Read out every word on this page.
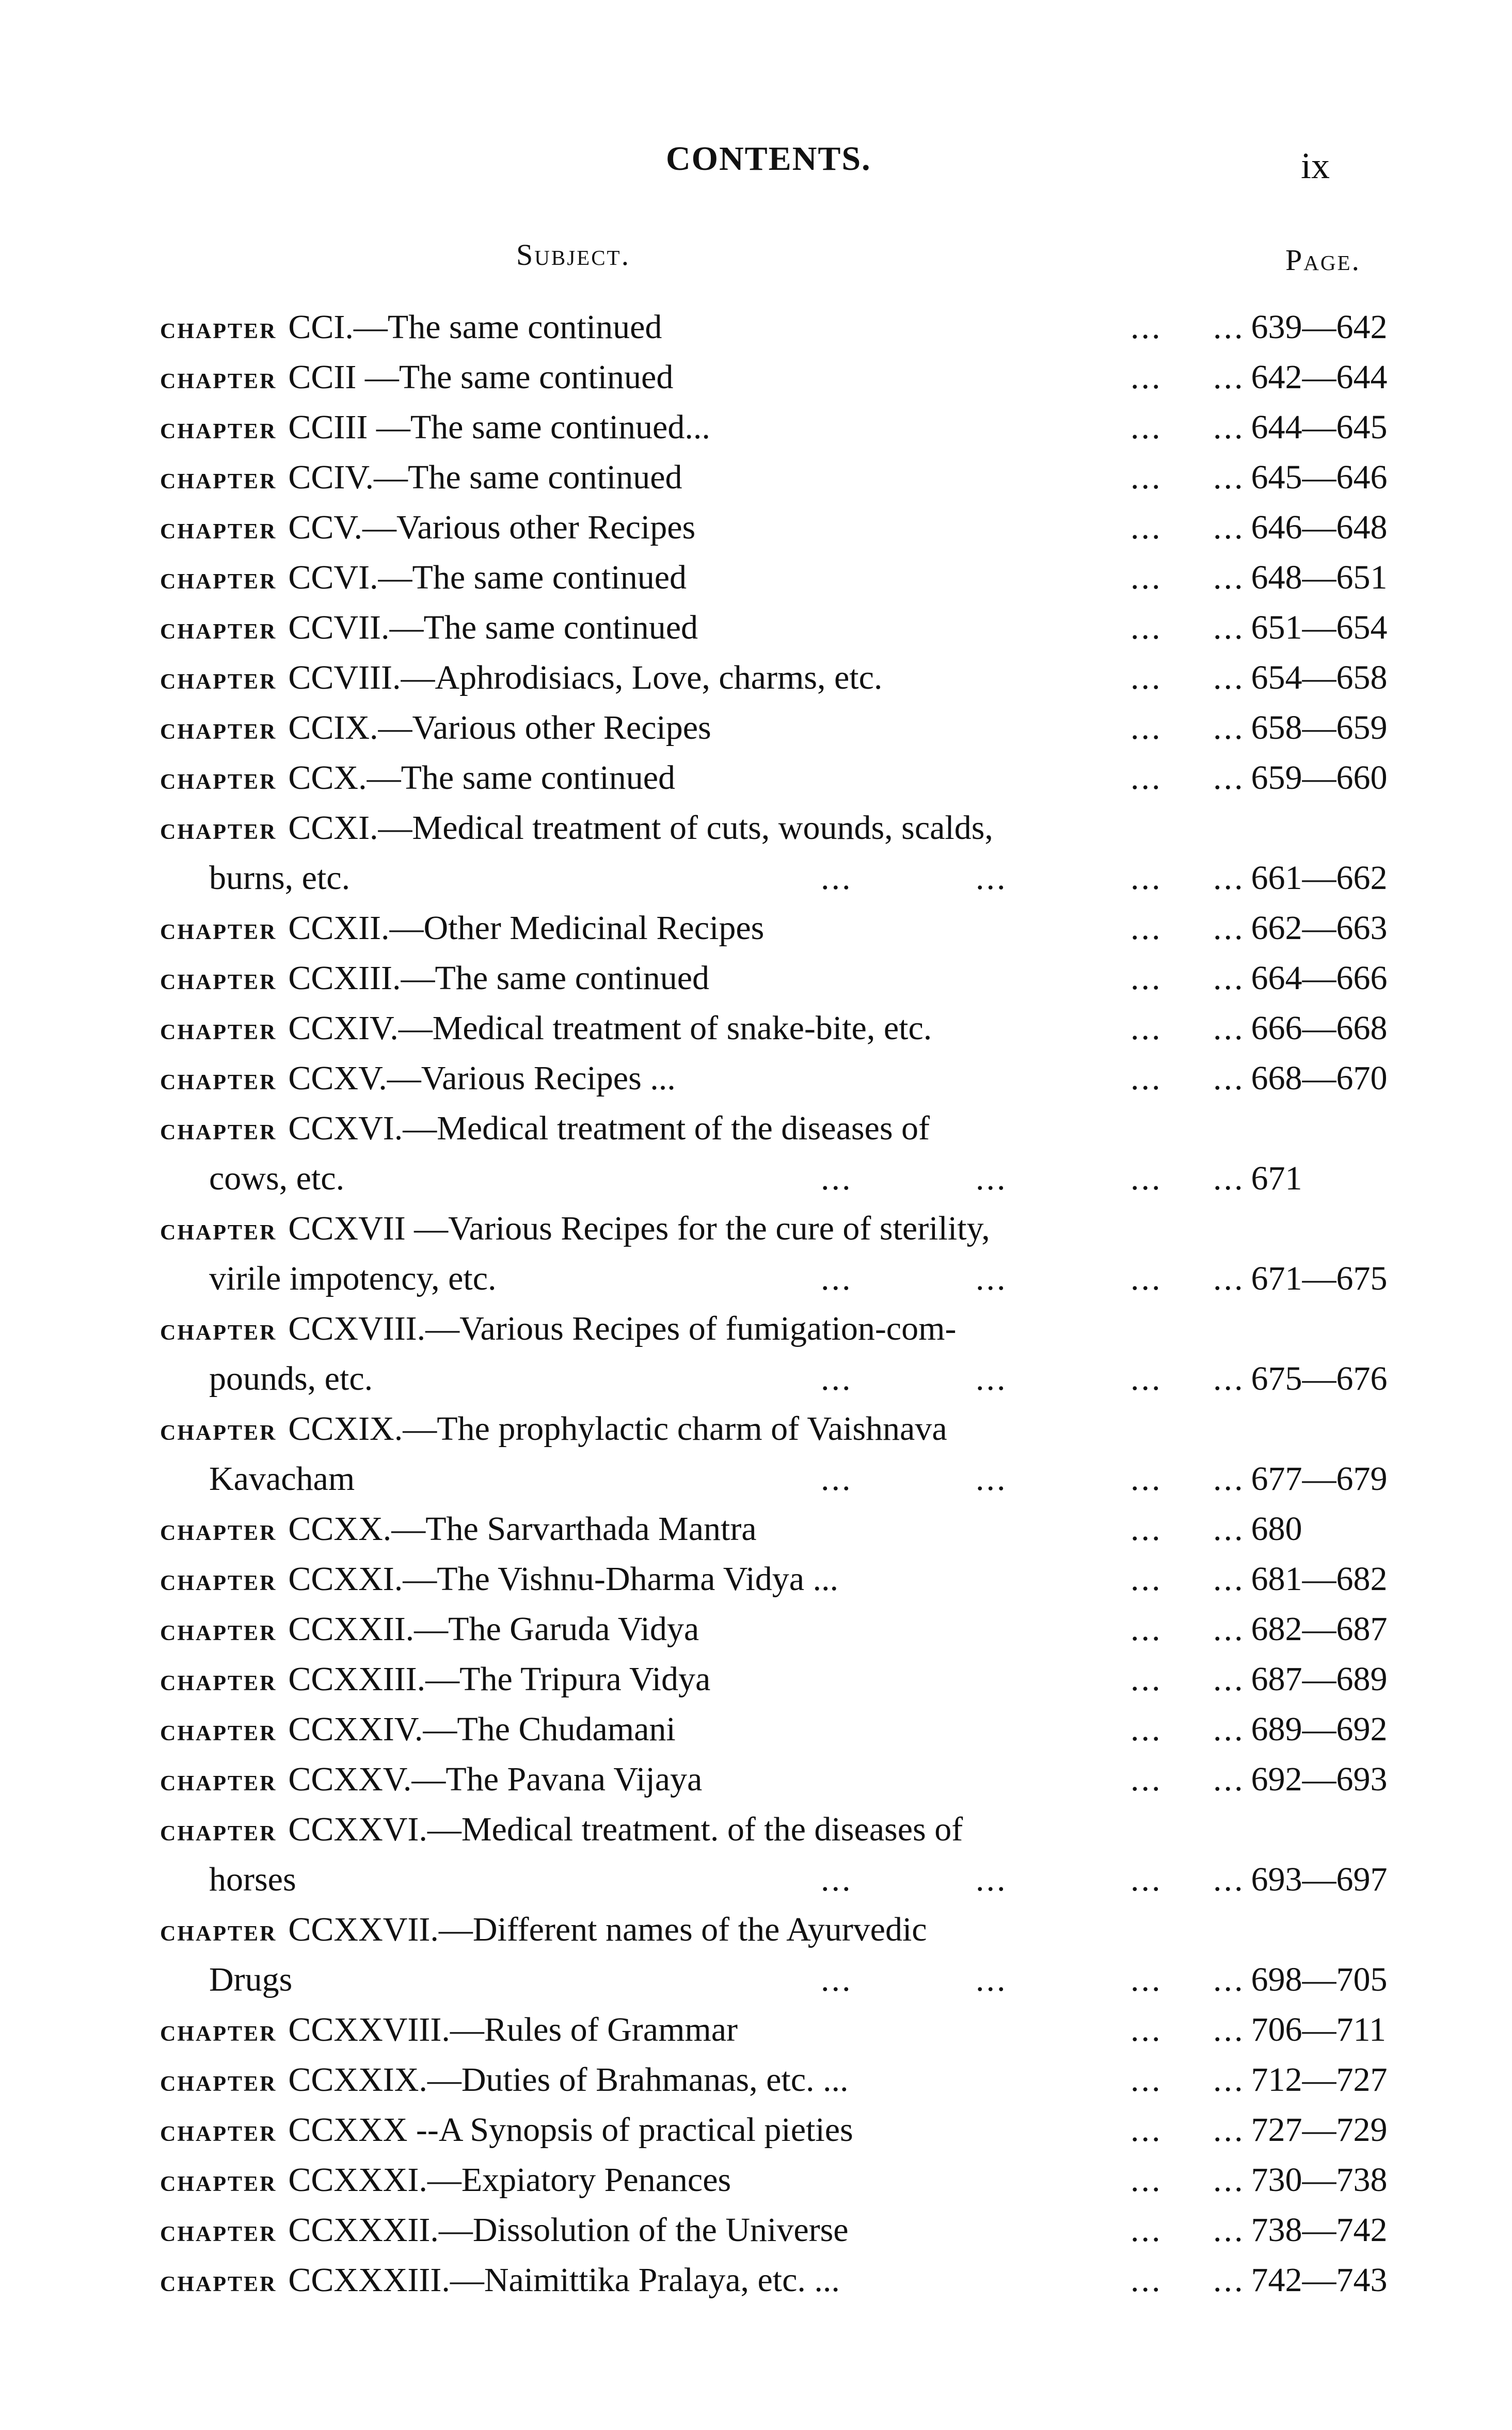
CONTENTS.	ix
Subject.	Page.
CHAPTER CCI.—The same continued	... 639—642
...
CHAPTER CCII —The same continued	... 642—644
...
CHAPTER CCIII —The same continued...	... 644—645
...
CHAPTER CCIV.—The same continued	... 645—646
...
CHAPTER CCV.—Various other Recipes	... 646—648
...
CHAPTER CCVI.—The same continued	... 648—651
...
CHAPTER CCVII.—The same continued	... 651—654
...
CHAPTER CCVIII.—Aphrodisiacs, Love, charms, etc.	... 654—658
...
CHAPTER CCIX.—Various other Recipes	... 658—659
...
CHAPTER CCX.—The same continued	... 659—660
...
CHAPTER CCXI.—Medical treatment of cuts, wounds, scalds,
burns, etc.	... 661—662
...
...
...
CHAPTER CCXII.—Other Medicinal Recipes	... 662—663
...
CHAPTER CCXIII.—The same continued	... 664—666
...
CHAPTER CCXIV.—Medical treatment of snake-bite, etc.	... 666—668
...
CHAPTER CCXV.—Various Recipes ...	... 668—670
...
CHAPTER CCXVI.—Medical treatment of the diseases of
cows, etc.	... 671
...
...
...
CHAPTER CCXVII —Various Recipes for the cure of sterility,
virile impotency, etc.	... 671—675
...
...
...
CHAPTER CCXVIII.—Various Recipes of fumigation-com-
pounds, etc.	... 675—676
...
...
...
CHAPTER CCXIX.—The prophylactic charm of Vaishnava
Kavacham	... 677—679
...
...
...
CHAPTER CCXX.—The Sarvarthada Mantra	... 680
...
CHAPTER CCXXI.—The Vishnu-Dharma Vidya ...	... 681—682
...
CHAPTER CCXXII.—The Garuda Vidya	... 682—687
...
CHAPTER CCXXIII.—The Tripura Vidya	... 687—689
...
CHAPTER CCXXIV.—The Chudamani	... 689—692
...
CHAPTER CCXXV.—The Pavana Vijaya	... 692—693
...
CHAPTER CCXXVI.—Medical treatment. of the diseases of
horses	... 693—697
...
...
...
CHAPTER CCXXVII.—Different names of the Ayurvedic
Drugs	... 698—705
...
...
...
CHAPTER CCXXVIII.—Rules of Grammar	... 706—711
...
CHAPTER CCXXIX.—Duties of Brahmanas, etc. ...	... 712—727
...
CHAPTER CCXXX --A Synopsis of practical pieties	... 727—729
...
CHAPTER CCXXXI.—Expiatory Penances	... 730—738
...
CHAPTER CCXXXII.—Dissolution of the Universe	... 738—742
...
CHAPTER CCXXXIII.—Naimittika Pralaya, etc. ...	... 742—743
...
